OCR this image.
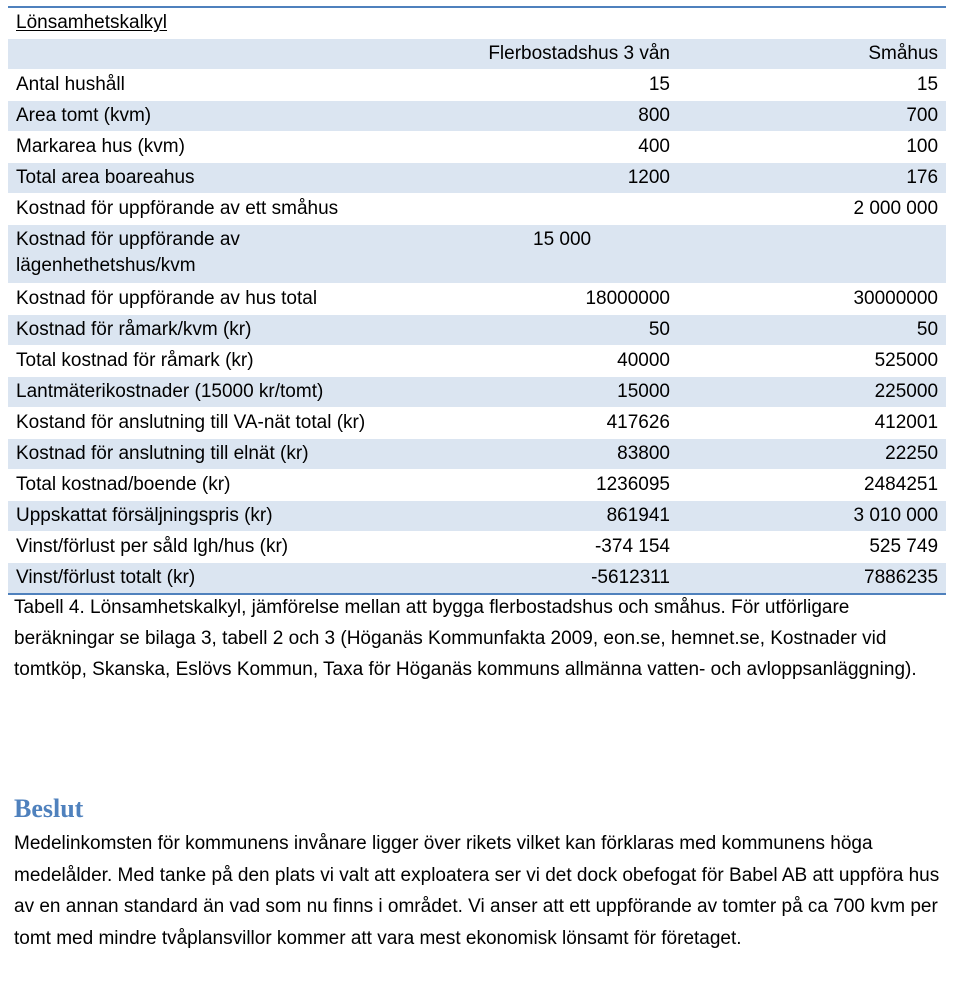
Lönsamhetskalkyl		
	Flerbostadshus 3 vån	Småhus
Antal hushåll	15	15
Area tomt (kvm)	800	700
Markarea hus (kvm)	400	100
Total area boareahus	1200	176
Kostnad för uppförande av ett småhus		2 000 000
Kostnad för uppförande av lägenhethetshus/kvm	15 000	
Kostnad för uppförande av hus total	18000000	30000000
Kostnad för råmark/kvm (kr)	50	50
Total kostnad för råmark (kr)	40000	525000
Lantmäterikostnader (15000 kr/tomt)	15000	225000
Kostand för anslutning till VA-nät total (kr)	417626	412001
Kostnad för anslutning till elnät (kr)	83800	22250
Total kostnad/boende (kr)	1236095	2484251
Uppskattat försäljningspris (kr)	861941	3 010 000
Vinst/förlust per såld lgh/hus (kr)	-374 154	525 749
Vinst/förlust totalt (kr)	-5612311	7886235

Tabell 4. Lönsamhetskalkyl, jämförelse mellan att bygga flerbostadshus och småhus. För utförligare beräkningar se bilaga 3, tabell 2 och 3 (Höganäs Kommunfakta 2009, eon.se, hemnet.se, Kostnader vid tomtköp, Skanska, Eslövs Kommun, Taxa för Höganäs kommuns allmänna vatten- och avloppsanläggning).

Beslut

Medelinkomsten för kommunens invånare ligger över rikets vilket kan förklaras med kommunens höga medelålder. Med tanke på den plats vi valt att exploatera ser vi det dock obefogat för Babel AB att uppföra hus av en annan standard än vad som nu finns i området. Vi anser att ett uppförande av tomter på ca 700 kvm per tomt med mindre tvåplansvillor kommer att vara mest ekonomisk lönsamt för företaget.
